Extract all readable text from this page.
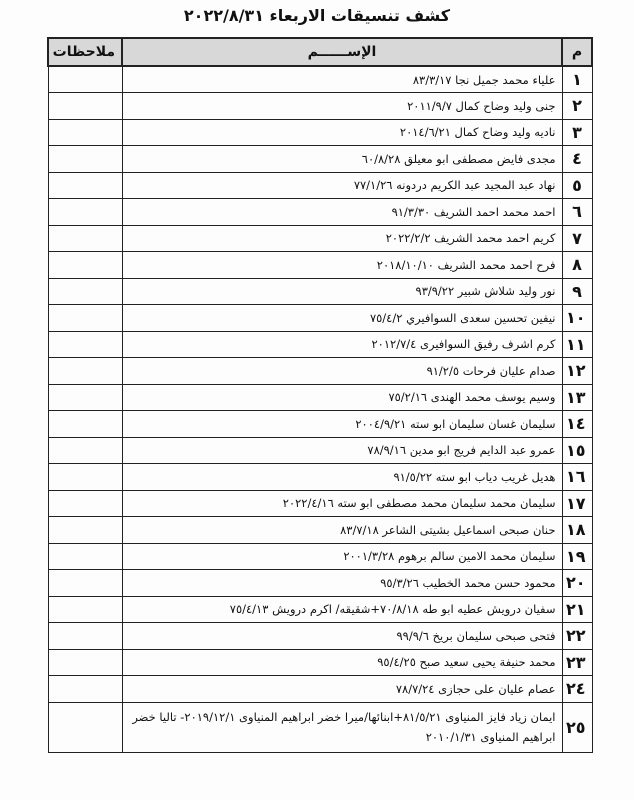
كشف تنسيقات الاربعاء ٢٠٢٢/٨/٣١
م	الإســــــم	ملاحظات
١	علياء محمد جميل نجا ٨٣/٣/١٧	
٢	جنى وليد وضاح كمال ٢٠١١/٩/٧	
٣	ناديه وليد وضاح كمال ٢٠١٤/٦/٢١	
٤	مجدى فايض مصطفى ابو معيلق ٦٠/٨/٢٨	
٥	نهاد عبد المجيد عبد الكريم دردونه ٧٧/١/٢٦	
٦	احمد محمد احمد الشريف ٩١/٣/٣٠	
٧	كريم احمد محمد الشريف ٢٠٢٢/٢/٢	
٨	فرح احمد محمد الشريف ٢٠١٨/١٠/١٠	
٩	نور وليد شلاش شبير ٩٣/٩/٢٢	
١٠	نيفين تحسين سعدى السوافيري ٧٥/٤/٢	
١١	كرم اشرف رفيق السوافيرى ٢٠١٢/٧/٤	
١٢	صدام عليان فرحات ٩١/٢/٥	
١٣	وسيم يوسف محمد الهندى ٧٥/٢/١٦	
١٤	سليمان غسان سليمان ابو سته ٢٠٠٤/٩/٢١	
١٥	عمرو عبد الدايم فريج ابو مدين ٧٨/٩/١٦	
١٦	هديل غريب دياب ابو سته ٩١/٥/٢٢	
١٧	سليمان محمد سليمان محمد مصطفى ابو سته ٢٠٢٢/٤/١٦	
١٨	حنان صبحى اسماعيل بشيتى الشاعر ٨٣/٧/١٨	
١٩	سليمان محمد الامين سالم برهوم ٢٠٠١/٣/٢٨	
٢٠	محمود حسن محمد الخطيب ٩٥/٣/٢٦	
٢١	سفيان درويش عطيه ابو طه ٧٠/٨/١٨+شقيقه/ اكرم درويش ٧٥/٤/١٣	
٢٢	فتحى صبحى سليمان بريخ ٩٩/٩/٦	
٢٣	محمد حنيفة يحيى سعيد صبح ٩٥/٤/٢٥	
٢٤	عصام عليان على حجازى ٧٨/٧/٢٤	
٢٥	ايمان زياد فايز المنياوى ٨١/٥/٢١+ابنائها/ميرا خضر ابراهيم المنياوى ٢٠١٩/١٢/١- تاليا خضر ابراهيم المنياوى ٢٠١٠/١/٣١	
